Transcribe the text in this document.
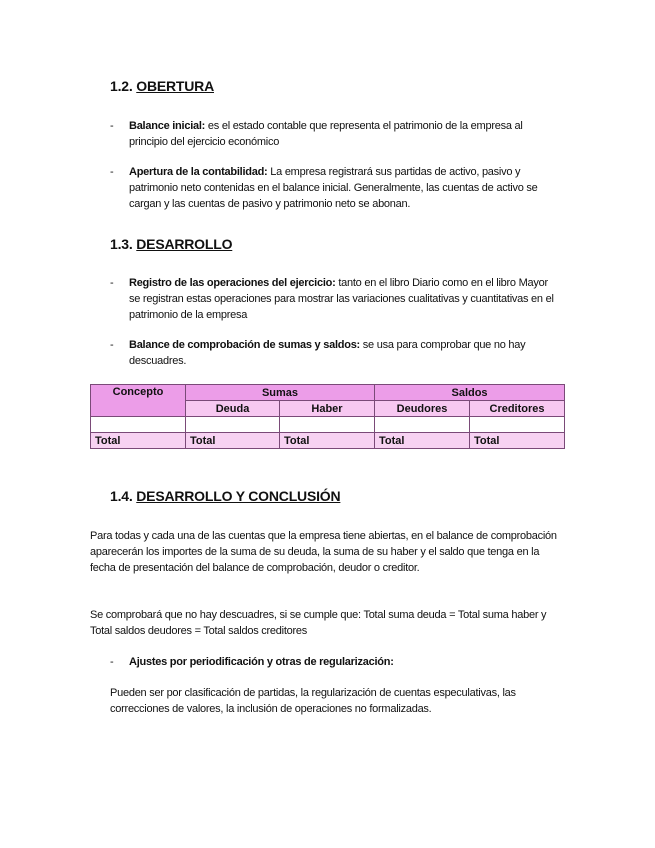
1.2. OBERTURA
- Balance inicial: es el estado contable que representa el patrimonio de la empresa al principio del ejercicio económico
- Apertura de la contabilidad: La empresa registrará sus partidas de activo, pasivo y patrimonio neto contenidas en el balance inicial. Generalmente, las cuentas de activo se cargan y las cuentas de pasivo y patrimonio neto se abonan.
1.3. DESARROLLO
- Registro de las operaciones del ejercicio: tanto en el libro Diario como en el libro Mayor se registran estas operaciones para mostrar las variaciones cualitativas y cuantitativas en el patrimonio de la empresa
- Balance de comprobación de sumas y saldos: se usa para comprobar que no hay descuadres.
Concepto	Sumas		Saldos	
	Deuda	Haber	Deudores	Creditores

Total	Total	Total	Total	Total
1.4. DESARROLLO Y CONCLUSIÓN

Para todas y cada una de las cuentas que la empresa tiene abiertas, en el balance de comprobación aparecerán los importes de la suma de su deuda, la suma de su haber y el saldo que tenga en la fecha de presentación del balance de comprobación, deudor o creditor.

Se comprobará que no hay descuadres, si se cumple que: Total suma deuda = Total suma haber y Total saldos deudores = Total saldos creditores

- Ajustes por periodificación y otras de regularización:

Pueden ser por clasificación de partidas, la regularización de cuentas especulativas, las correcciones de valores, la inclusión de operaciones no formalizadas.
